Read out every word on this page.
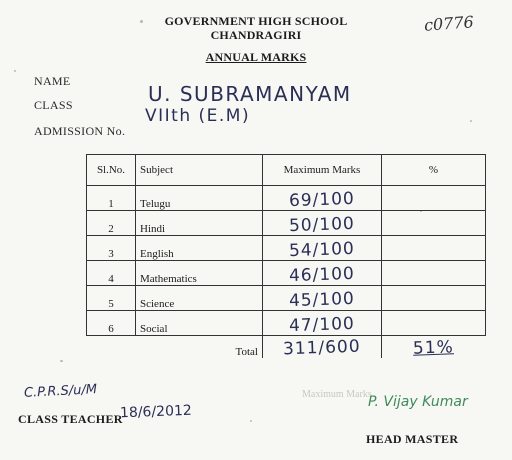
GOVERNMENT HIGH SCHOOL
CHANDRAGIRI
ANNUAL MARKS
c0776
NAME
CLASS
ADMISSION No.
U. SUBRAMANYAM
VIIth (E.M)
Sl.No.	Subject	Maximum Marks	%
1	Telugu	69/100	
2	Hindi	50/100	
3	English	54/100	
4	Mathematics	46/100	
5	Science	45/100	
6	Social	47/100	
	Total	311/600	51%
Maximum Marks
C.P.R.S/u/M
18/6/2012
CLASS TEACHER
P. Vijay Kumar
HEAD MASTER
